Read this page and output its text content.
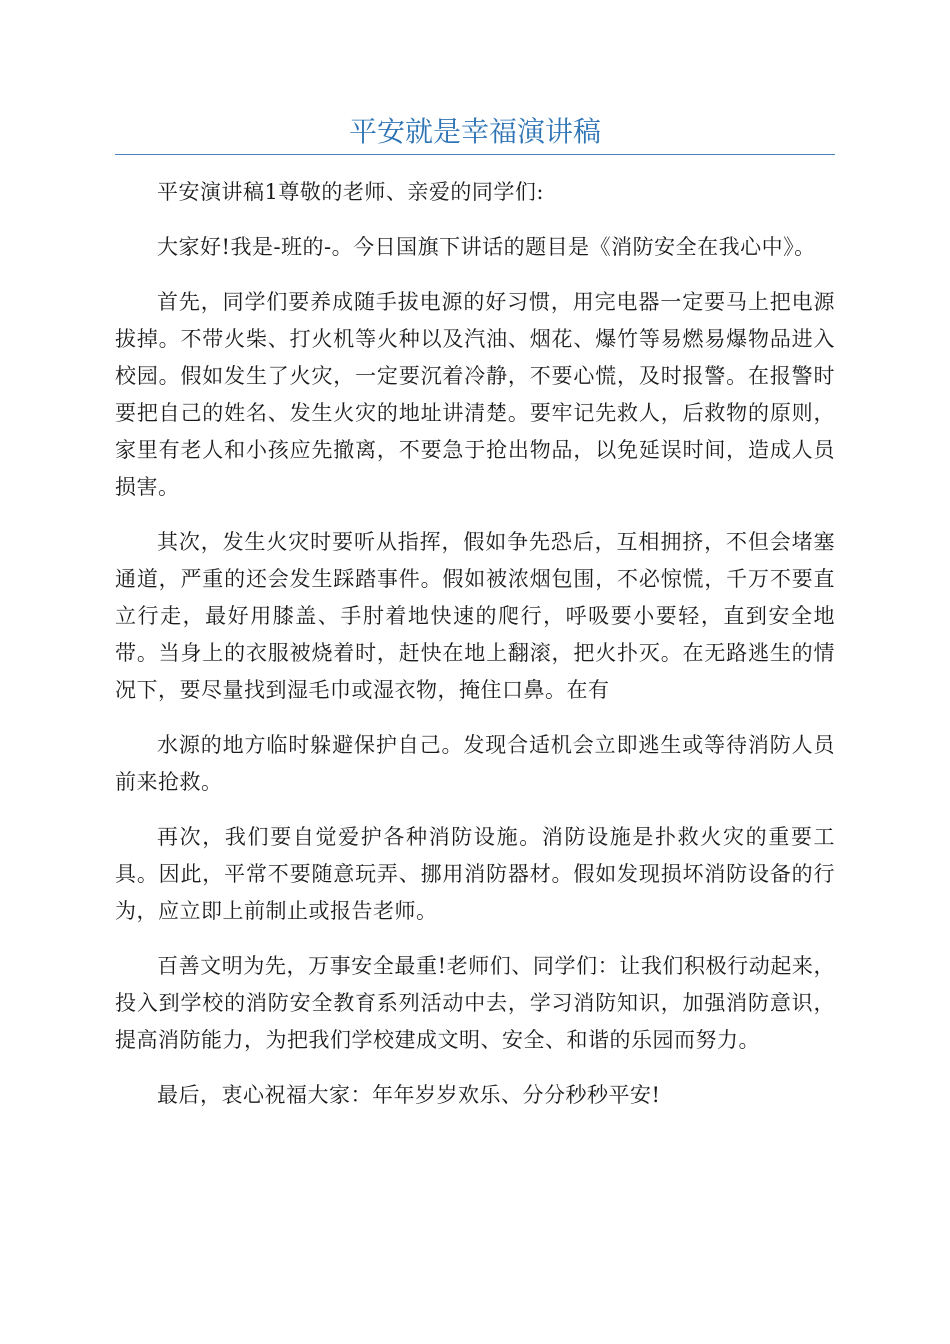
平安就是幸福演讲稿

平安演讲稿1尊敬的老师、亲爱的同学们:

大家好!我是-班的-。今日国旗下讲话的题目是《消防安全在我心中》。

首先，同学们要养成随手拔电源的好习惯，用完电器一定要马上把电源拔掉。不带火柴、打火机等火种以及汽油、烟花、爆竹等易燃易爆物品进入校园。假如发生了火灾，一定要沉着冷静，不要心慌，及时报警。在报警时要把自己的姓名、发生火灾的地址讲清楚。要牢记先救人，后救物的原则，家里有老人和小孩应先撤离，不要急于抢出物品，以免延误时间，造成人员损害。

其次，发生火灾时要听从指挥，假如争先恐后，互相拥挤，不但会堵塞通道，严重的还会发生踩踏事件。假如被浓烟包围，不必惊慌，千万不要直立行走，最好用膝盖、手肘着地快速的爬行，呼吸要小要轻，直到安全地带。当身上的衣服被烧着时，赶快在地上翻滚，把火扑灭。在无路逃生的情况下，要尽量找到湿毛巾或湿衣物，掩住口鼻。在有

水源的地方临时躲避保护自己。发现合适机会立即逃生或等待消防人员前来抢救。

再次，我们要自觉爱护各种消防设施。消防设施是扑救火灾的重要工具。因此，平常不要随意玩弄、挪用消防器材。假如发现损坏消防设备的行为，应立即上前制止或报告老师。

百善文明为先，万事安全最重!老师们、同学们：让我们积极行动起来，投入到学校的消防安全教育系列活动中去，学习消防知识，加强消防意识，提高消防能力，为把我们学校建成文明、安全、和谐的乐园而努力。

最后，衷心祝福大家：年年岁岁欢乐、分分秒秒平安!
